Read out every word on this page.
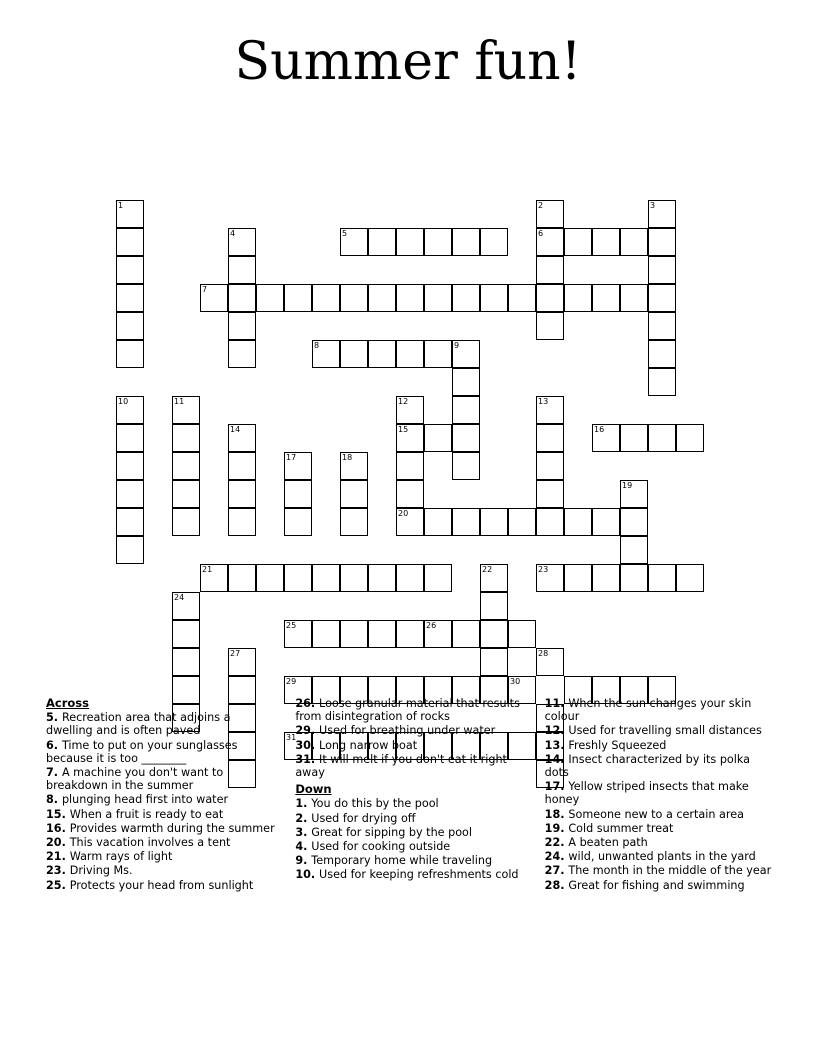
Summer fun!
1
4	5
2
6
3
7
8	9
10	11
14
17	18
12
15
13
16
19
20
21	22	23
24
27
25	26
28
29	30
31
Across
5. Recreation area that adjoins a dwelling and is often paved
6. Time to put on your sunglasses because it is too ________
7. A machine you don't want to breakdown in the summer
8. plunging head first into water
15. When a fruit is ready to eat
16. Provides warmth during the summer
20. This vacation involves a tent
21. Warm rays of light
23. Driving Ms.
25. Protects your head from sunlight
26. Loose granular material that results from disintegration of rocks
29. Used for breathing under water
30. Long narrow boat
31. It will melt if you don't eat it right away
Down
1. You do this by the pool
2. Used for drying off
3. Great for sipping by the pool
4. Used for cooking outside
9. Temporary home while traveling
10. Used for keeping refreshments cold
11. When the sun changes your skin colour
12. Used for travelling small distances
13. Freshly Squeezed
14. Insect characterized by its polka dots
17. Yellow striped insects that make honey
18. Someone new to a certain area
19. Cold summer treat
22. A beaten path
24. wild, unwanted plants in the yard
27. The month in the middle of the year
28. Great for fishing and swimming
